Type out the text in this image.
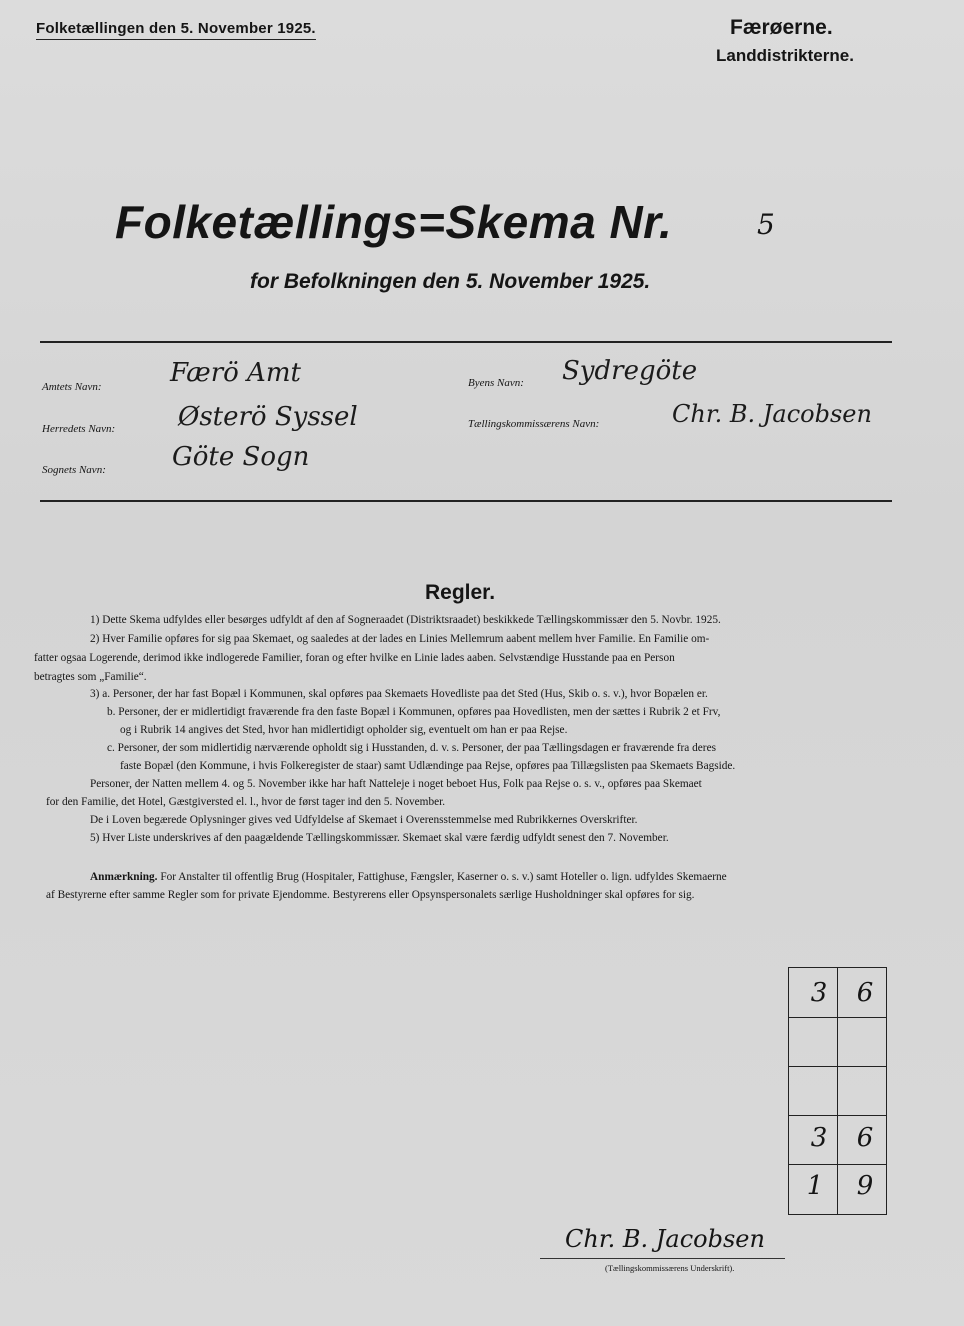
Folketællingen den 5. November 1925.	Færøerne.
Landdistrikterne.
Folketællings=Skema Nr.	5
for Befolkningen den 5. November 1925.
Amtets Navn:	Færö Amt
Herredets Navn: Østerö Syssel
Sognets Navn:	Göte Sogn
Byens Navn: Sydregöte
Tællingskommissærens Navn:	Chr. B. Jacobsen
Regler.
1) Dette Skema udfyldes eller besørges udfyldt af den af Sogneraadet (Distriktsraadet) beskikkede Tællingskommissær den 5. Novbr. 1925.
2) Hver Familie opføres for sig paa Skemaet, og saaledes at der lades en Linies Mellemrum aabent mellem hver Familie. En Familie om-
fatter ogsaa Logerende, derimod ikke indlogerede Familier, foran og efter hvilke en Linie lades aaben. Selvstændige Husstande paa en Person
betragtes som „Familie“.
3) a. Personer, der har fast Bopæl i Kommunen, skal opføres paa Skemaets Hovedliste paa det Sted (Hus, Skib o. s. v.), hvor Bopælen er.
b. Personer, der er midlertidigt fraværende fra den faste Bopæl i Kommunen, opføres paa Hovedlisten, men der sættes i Rubrik 2 et Frv,
og i Rubrik 14 angives det Sted, hvor han midlertidigt opholder sig, eventuelt om han er paa Rejse.
c. Personer, der som midlertidig nærværende opholdt sig i Husstanden, d. v. s. Personer, der paa Tællingsdagen er fraværende fra deres
faste Bopæl (den Kommune, i hvis Folkeregister de staar) samt Udlændinge paa Rejse, opføres paa Tillægslisten paa Skemaets Bagside.
Personer, der Natten mellem 4. og 5. November ikke har haft Natteleje i noget beboet Hus, Folk paa Rejse o. s. v., opføres paa Skemaet
for den Familie, det Hotel, Gæstgiversted el. l., hvor de først tager ind den 5. November.
De i Loven begærede Oplysninger gives ved Udfyldelse af Skemaet i Overensstemmelse med Rubrikkernes Overskrifter.
5) Hver Liste underskrives af den paagældende Tællingskommissær. Skemaet skal være færdig udfyldt senest den 7. November.
Anmærkning. For Anstalter til offentlig Brug (Hospitaler, Fattighuse, Fængsler, Kaserner o. s. v.) samt Hoteller o. lign. udfyldes Skemaerne
af Bestyrerne efter samme Regler som for private Ejendomme. Bestyrerens eller Opsynspersonalets særlige Husholdninger skal opføres for sig.
3	6
3	6
1	9
Chr. B. Jacobsen
(Tællingskommissærens Underskrift).
